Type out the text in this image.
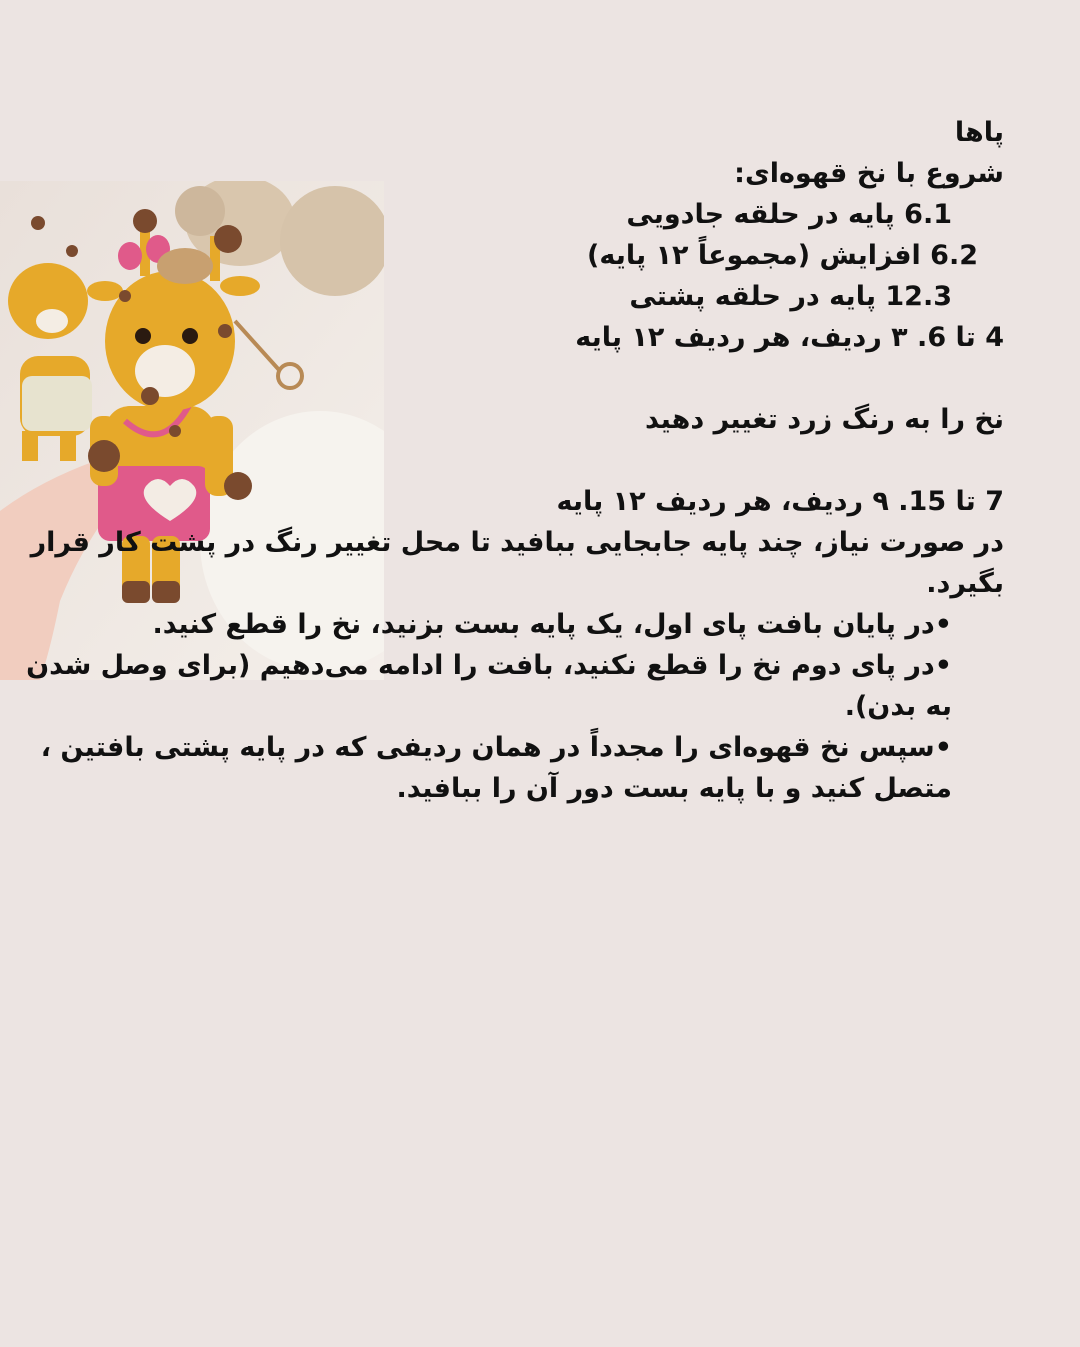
پاها

شروع با نخ قهوه‌ای:

6.1 پایه در حلقه جادویی

6.2 افزایش (مجموعاً ۱۲ پایه)

12.3 پایه در حلقه پشتی

4 تا 6. ۳ ردیف، هر ردیف ۱۲ پایه

نخ را به رنگ زرد تغییر دهید

7 تا 15. ۹ ردیف، هر ردیف ۱۲ پایه

در صورت نیاز، چند پایه جابجایی ببافید تا محل تغییر رنگ در پشت کار قرار بگیرد.

•در پایان بافت پای اول، یک پایه بست بزنید، نخ را قطع کنید.

•در پای دوم نخ را قطع نکنید، بافت را ادامه می‌دهیم (برای وصل شدن به بدن).

•سپس نخ قهوه‌ای را مجدداً در همان ردیفی که در پایه پشتی بافتین ، متصل کنید و با پایه بست دور آن را ببافید.
